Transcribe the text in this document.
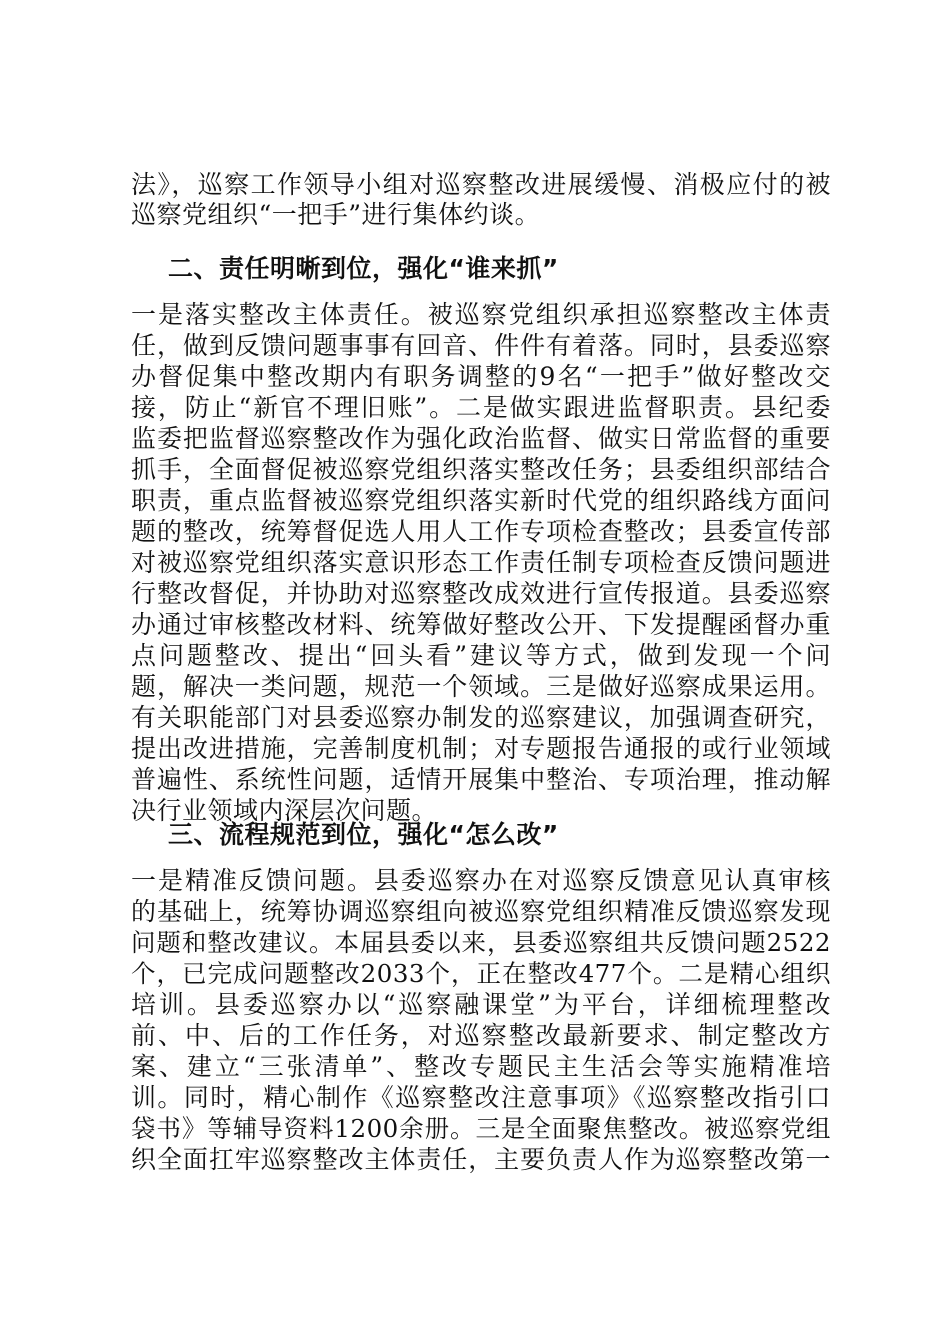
法》，巡察工作领导小组对巡察整改进展缓慢、消极应付的被
巡察党组织“一把手”进行集体约谈。
二、责任明晰到位，强化“谁来抓”
一是落实整改主体责任。被巡察党组织承担巡察整改主体责
任，做到反馈问题事事有回音、件件有着落。同时，县委巡察
办督促集中整改期内有职务调整的9名“一把手”做好整改交
接，防止“新官不理旧账”。二是做实跟进监督职责。县纪委
监委把监督巡察整改作为强化政治监督、做实日常监督的重要
抓手，全面督促被巡察党组织落实整改任务；县委组织部结合
职责，重点监督被巡察党组织落实新时代党的组织路线方面问
题的整改，统筹督促选人用人工作专项检查整改；县委宣传部
对被巡察党组织落实意识形态工作责任制专项检查反馈问题进
行整改督促，并协助对巡察整改成效进行宣传报道。县委巡察
办通过审核整改材料、统筹做好整改公开、下发提醒函督办重
点问题整改、提出“回头看”建议等方式，做到发现一个问
题，解决一类问题，规范一个领域。三是做好巡察成果运用。
有关职能部门对县委巡察办制发的巡察建议，加强调查研究，
提出改进措施，完善制度机制；对专题报告通报的或行业领域
普遍性、系统性问题，适情开展集中整治、专项治理，推动解
决行业领域内深层次问题。
三、流程规范到位，强化“怎么改”
一是精准反馈问题。县委巡察办在对巡察反馈意见认真审核
的基础上，统筹协调巡察组向被巡察党组织精准反馈巡察发现
问题和整改建议。本届县委以来，县委巡察组共反馈问题2522
个，已完成问题整改2033个，正在整改477个。二是精心组织
培训。县委巡察办以“巡察融课堂”为平台，详细梳理整改
前、中、后的工作任务，对巡察整改最新要求、制定整改方
案、建立“三张清单”、整改专题民主生活会等实施精准培
训。同时，精心制作《巡察整改注意事项》《巡察整改指引口
袋书》等辅导资料1200余册。三是全面聚焦整改。被巡察党组
织全面扛牢巡察整改主体责任，主要负责人作为巡察整改第一
